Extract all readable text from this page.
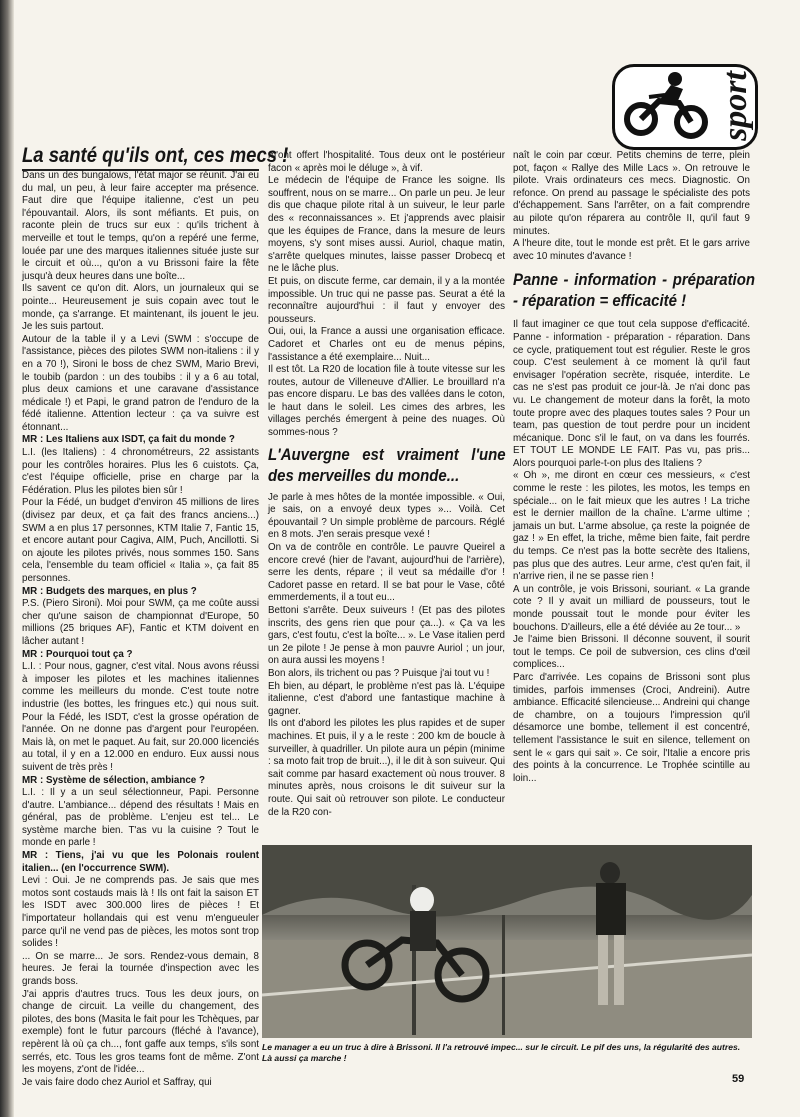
sport
La santé qu'ils ont, ces mecs !

Dans un des bungalows, l'état major se réunit. J'ai eu du mal, un peu, à leur faire accepter ma présence. Faut dire que l'équipe italienne, c'est un peu l'épouvantail. Alors, ils sont méfiants. Et puis, on raconte plein de trucs sur eux : qu'ils trichent à merveille et tout le temps, qu'on a repéré une ferme, louée par une des marques italiennes située juste sur le circuit et où..., qu'on a vu Brissoni faire la fête jusqu'à deux heures dans une boîte...

Ils savent ce qu'on dit. Alors, un journaleux qui se pointe... Heureusement je suis copain avec tout le monde, ça s'arrange. Et maintenant, ils jouent le jeu. Je les suis partout.

Autour de la table il y a Levi (SWM : s'occupe de l'assistance, pièces des pilotes SWM non-italiens : il y en a 70 !), Sironi le boss de chez SWM, Mario Brevi, le toubib (pardon : un des toubibs : il y a 6 au total, plus deux camions et une caravane d'assistance médicale !) et Papi, le grand patron de l'enduro de la fédé italienne. Attention lecteur : ça va suivre est étonnant...

MR : Les Italiens aux ISDT, ça fait du monde ?

L.I. (les Italiens) : 4 chronométreurs, 22 assistants pour les contrôles horaires. Plus les 6 cuistots. Ça, c'est l'équipe officielle, prise en charge par la Fédération. Plus les pilotes bien sûr !

Pour la Fédé, un budget d'environ 45 millions de lires (divisez par deux, et ça fait des francs anciens...) SWM a en plus 17 personnes, KTM Italie 7, Fantic 15, et encore autant pour Cagiva, AIM, Puch, Ancillotti. Si on ajoute les pilotes privés, nous sommes 150. Sans cela, l'ensemble du team officiel « Italia », ça fait 85 personnes.

MR : Budgets des marques, en plus ?

P.S. (Piero Sironi). Moi pour SWM, ça me coûte aussi cher qu'une saison de championnat d'Europe, 50 millions (25 briques AF), Fantic et KTM doivent en lâcher autant !

MR : Pourquoi tout ça ?

L.I. : Pour nous, gagner, c'est vital. Nous avons réussi à imposer les pilotes et les machines italiennes comme les meilleurs du monde. C'est toute notre industrie (les bottes, les fringues etc.) qui nous suit. Pour la Fédé, les ISDT, c'est la grosse opération de l'année. On ne donne pas d'argent pour l'européen. Mais là, on met le paquet. Au fait, sur 20.000 licenciés au total, il y en a 12.000 en enduro. Eux aussi nous suivent de très près !

MR : Système de sélection, ambiance ?

L.I. : Il y a un seul sélectionneur, Papi. Personne d'autre. L'ambiance... dépend des résultats ! Mais en général, pas de problème. L'enjeu est tel... Le système marche bien. T'as vu la cuisine ? Tout le monde en parle !

MR : Tiens, j'ai vu que les Polonais roulent italien... (en l'occurrence SWM).

Levi : Oui. Je ne comprends pas. Je sais que mes motos sont costauds mais là ! Ils ont fait la saison ET les ISDT avec 300.000 lires de pièces ! Et l'importateur hollandais qui est venu m'engueuler parce qu'il ne vend pas de pièces, les motos sont trop solides !

... On se marre... Je sors. Rendez-vous demain, 8 heures. Je ferai la tournée d'inspection avec les grands boss.

J'ai appris d'autres trucs. Tous les deux jours, on change de circuit. La veille du changement, des pilotes, des bons (Masita le fait pour les Tchèques, par exemple) font le futur parcours (fléché à l'avance), repèrent là où ça ch..., font gaffe aux temps, s'ils sont serrés, etc. Tous les gros teams font de même. Z'ont les moyens, z'ont de l'idée...

Je vais faire dodo chez Auriol et Saffray, qui

m'ont offert l'hospitalité. Tous deux ont le postérieur facon « après moi le déluge », à vif.

Le médecin de l'équipe de France les soigne. Ils souffrent, nous on se marre... On parle un peu. Je leur dis que chaque pilote rital à un suiveur, le leur parle des « reconnaissances ». Et j'apprends avec plaisir que les équipes de France, dans la mesure de leurs moyens, s'y sont mises aussi. Auriol, chaque matin, s'arrête quelques minutes, laisse passer Drobecq et ne le lâche plus.

Et puis, on discute ferme, car demain, il y a la montée impossible. Un truc qui ne passe pas. Seurat a été la reconnaître aujourd'hui : il faut y envoyer des pousseurs.

Oui, oui, la France a aussi une organisation efficace. Cadoret et Charles ont eu de menus pépins, l'assistance a été exemplaire... Nuit...

Il est tôt. La R20 de location file à toute vitesse sur les routes, autour de Villeneuve d'Allier. Le brouillard n'a pas encore disparu. Le bas des vallées dans le coton, le haut dans le soleil. Les cimes des arbres, les villages perchés émergent à peine des nuages. Où sommes-nous ?

L'Auvergne est vraiment l'une des merveilles du monde...

Je parle à mes hôtes de la montée impossible. « Oui, je sais, on a envoyé deux types »... Voilà. Cet épouvantail ? Un simple problème de parcours. Réglé en 8 mots. J'en serais presque vexé !

On va de contrôle en contrôle. Le pauvre Queirel a encore crevé (hier de l'avant, aujourd'hui de l'arrière), serre les dents, répare ; il veut sa médaille d'or ! Cadoret passe en retard. Il se bat pour le Vase, côté emmerdements, il a tout eu...

Bettoni s'arrête. Deux suiveurs ! (Et pas des pilotes inscrits, des gens rien que pour ça...). « Ça va les gars, c'est foutu, c'est la boîte... ». Le Vase italien perd un 2e pilote ! Je pense à mon pauvre Auriol ; un jour, on aura aussi les moyens !

Bon alors, ils trichent ou pas ? Puisque j'ai tout vu !

Eh bien, au départ, le problème n'est pas là. L'équipe italienne, c'est d'abord une fantastique machine à gagner.

Ils ont d'abord les pilotes les plus rapides et de super machines. Et puis, il y a le reste : 200 km de boucle à surveiller, à quadriller. Un pilote aura un pépin (minime : sa moto fait trop de bruit...), il le dit à son suiveur. Qui sait comme par hasard exactement où nous trouver. 8 minutes après, nous croisons le dit suiveur sur la route. Qui sait où retrouver son pilote. Le conducteur de la R20 con-

naît le coin par cœur. Petits chemins de terre, plein pot, façon « Rallye des Mille Lacs ». On retrouve le pilote. Vrais ordinateurs ces mecs. Diagnostic. On refonce. On prend au passage le spécialiste des pots d'échappement. Sans l'arrêter, on a fait comprendre au pilote qu'on réparera au contrôle II, qu'il faut 9 minutes.

A l'heure dite, tout le monde est prêt. Et le gars arrive avec 10 minutes d'avance !

Panne - information - préparation - réparation = efficacité !

Il faut imaginer ce que tout cela suppose d'efficacité. Panne - information - préparation - réparation. Dans ce cycle, pratiquement tout est régulier. Reste le gros coup. C'est seulement à ce moment là qu'il faut envisager l'opération secrète, risquée, interdite. Le cas ne s'est pas produit ce jour-là. Je n'ai donc pas vu. Le changement de moteur dans la forêt, la moto toute propre avec des plaques toutes sales ? Pour un team, pas question de tout perdre pour un incident mécanique. Donc s'il le faut, on va dans les fourrés. ET TOUT LE MONDE LE FAIT. Pas vu, pas pris... Alors pourquoi parle-t-on plus des Italiens ?

« Oh », me diront en cœur ces messieurs, « c'est comme le reste : les pilotes, les motos, les temps en spéciale... on le fait mieux que les autres ! La triche est le dernier maillon de la chaîne. L'arme ultime ; jamais un but. L'arme absolue, ça reste la poignée de gaz ! » En effet, la triche, même bien faite, fait perdre du temps. Ce n'est pas la botte secrète des Italiens, pas plus que des autres. Leur arme, c'est qu'en fait, il n'arrive rien, il ne se passe rien !

A un contrôle, je vois Brissoni, souriant. « La grande cote ? Il y avait un milliard de pousseurs, tout le monde poussait tout le monde pour éviter les bouchons. D'ailleurs, elle a été déviée au 2e tour... »

Je l'aime bien Brissoni. Il déconne souvent, il sourit tout le temps. Ce poil de subversion, ces clins d'œil complices...

Parc d'arrivée. Les copains de Brissoni sont plus timides, parfois immenses (Croci, Andreini). Autre ambiance. Efficacité silencieuse... Andreini qui change de chambre, on a toujours l'impression qu'il désamorce une bombe, tellement il est concentré, tellement l'assistance le suit en silence, tellement on sent le « gars qui sait ». Ce soir, l'Italie a encore pris des points à la concurrence. Le Trophée scintille au loin...

Le manager a eu un truc à dire à Brissoni. Il l'a retrouvé impec... sur le circuit. Le pif des uns, la régularité des autres. Là aussi ça marche !
59
